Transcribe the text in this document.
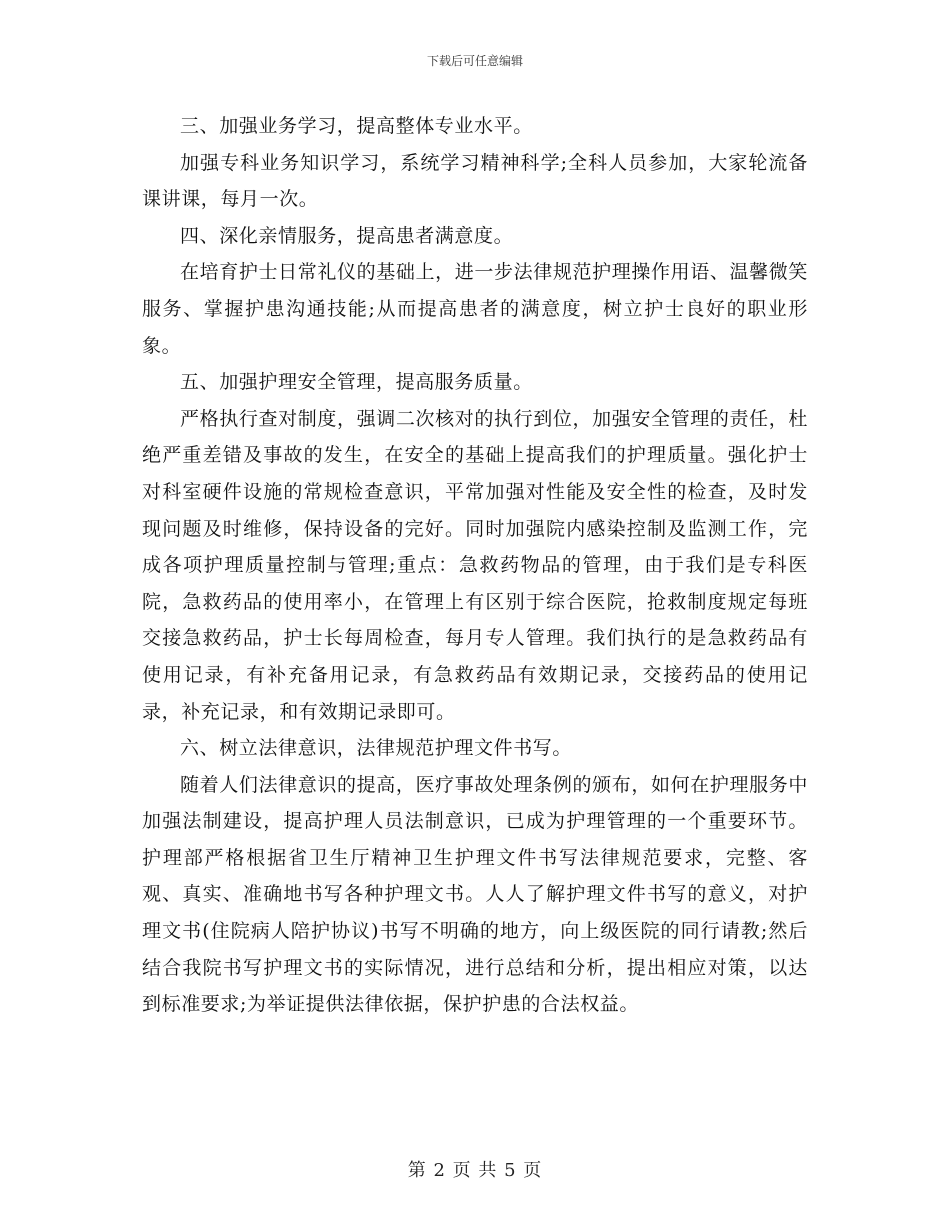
下载后可任意编辑

三、加强业务学习，提高整体专业水平。

加强专科业务知识学习，系统学习精神科学;全科人员参加，大家轮流备课讲课，每月一次。

四、深化亲情服务，提高患者满意度。

在培育护士日常礼仪的基础上，进一步法律规范护理操作用语、温馨微笑服务、掌握护患沟通技能;从而提高患者的满意度，树立护士良好的职业形象。

五、加强护理安全管理，提高服务质量。

严格执行查对制度，强调二次核对的执行到位，加强安全管理的责任，杜绝严重差错及事故的发生，在安全的基础上提高我们的护理质量。强化护士对科室硬件设施的常规检查意识，平常加强对性能及安全性的检查，及时发现问题及时维修，保持设备的完好。同时加强院内感染控制及监测工作，完成各项护理质量控制与管理;重点：急救药物品的管理，由于我们是专科医院，急救药品的使用率小，在管理上有区别于综合医院，抢救制度规定每班交接急救药品，护士长每周检查，每月专人管理。我们执行的是急救药品有使用记录，有补充备用记录，有急救药品有效期记录，交接药品的使用记录，补充记录，和有效期记录即可。

六、树立法律意识，法律规范护理文件书写。

随着人们法律意识的提高，医疗事故处理条例的颁布，如何在护理服务中加强法制建设，提高护理人员法制意识，已成为护理管理的一个重要环节。护理部严格根据省卫生厅精神卫生护理文件书写法律规范要求，完整、客观、真实、准确地书写各种护理文书。人人了解护理文件书写的意义，对护理文书(住院病人陪护协议)书写不明确的地方，向上级医院的同行请教;然后结合我院书写护理文书的实际情况，进行总结和分析，提出相应对策，以达到标准要求;为举证提供法律依据，保护护患的合法权益。

第 2 页 共 5 页
